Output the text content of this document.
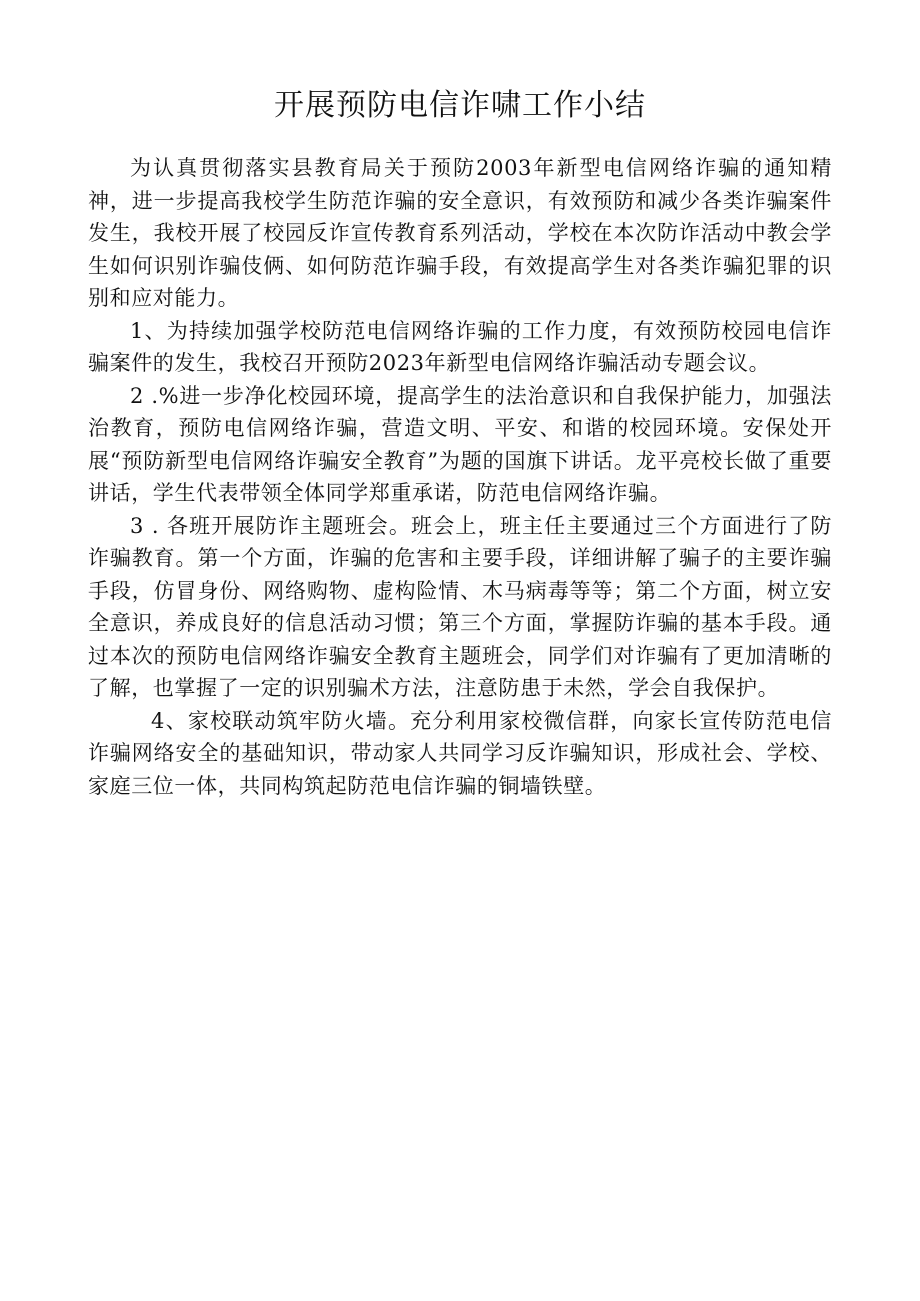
开展预防电信诈啸工作小结

为认真贯彻落实县教育局关于预防2003年新型电信网络诈骗的通知精神，进一步提高我校学生防范诈骗的安全意识，有效预防和减少各类诈骗案件发生，我校开展了校园反诈宣传教育系列活动，学校在本次防诈活动中教会学生如何识别诈骗伎俩、如何防范诈骗手段，有效提高学生对各类诈骗犯罪的识别和应对能力。

1、为持续加强学校防范电信网络诈骗的工作力度，有效预防校园电信诈骗案件的发生，我校召开预防2023年新型电信网络诈骗活动专题会议。

2 .%进一步净化校园环境，提高学生的法治意识和自我保护能力，加强法治教育，预防电信网络诈骗，营造文明、平安、和谐的校园环境。安保处开展“预防新型电信网络诈骗安全教育”为题的国旗下讲话。龙平亮校长做了重要讲话，学生代表带领全体同学郑重承诺，防范电信网络诈骗。

3 . 各班开展防诈主题班会。班会上，班主任主要通过三个方面进行了防诈骗教育。第一个方面，诈骗的危害和主要手段，详细讲解了骗子的主要诈骗手段，仿冒身份、网络购物、虚构险情、木马病毒等等；第二个方面，树立安全意识，养成良好的信息活动习惯；第三个方面，掌握防诈骗的基本手段。通过本次的预防电信网络诈骗安全教育主题班会，同学们对诈骗有了更加清晰的了解，也掌握了一定的识别骗术方法，注意防患于未然，学会自我保护。

4、家校联动筑牢防火墙。充分利用家校微信群，向家长宣传防范电信诈骗网络安全的基础知识，带动家人共同学习反诈骗知识，形成社会、学校、家庭三位一体，共同构筑起防范电信诈骗的铜墙铁壁。
